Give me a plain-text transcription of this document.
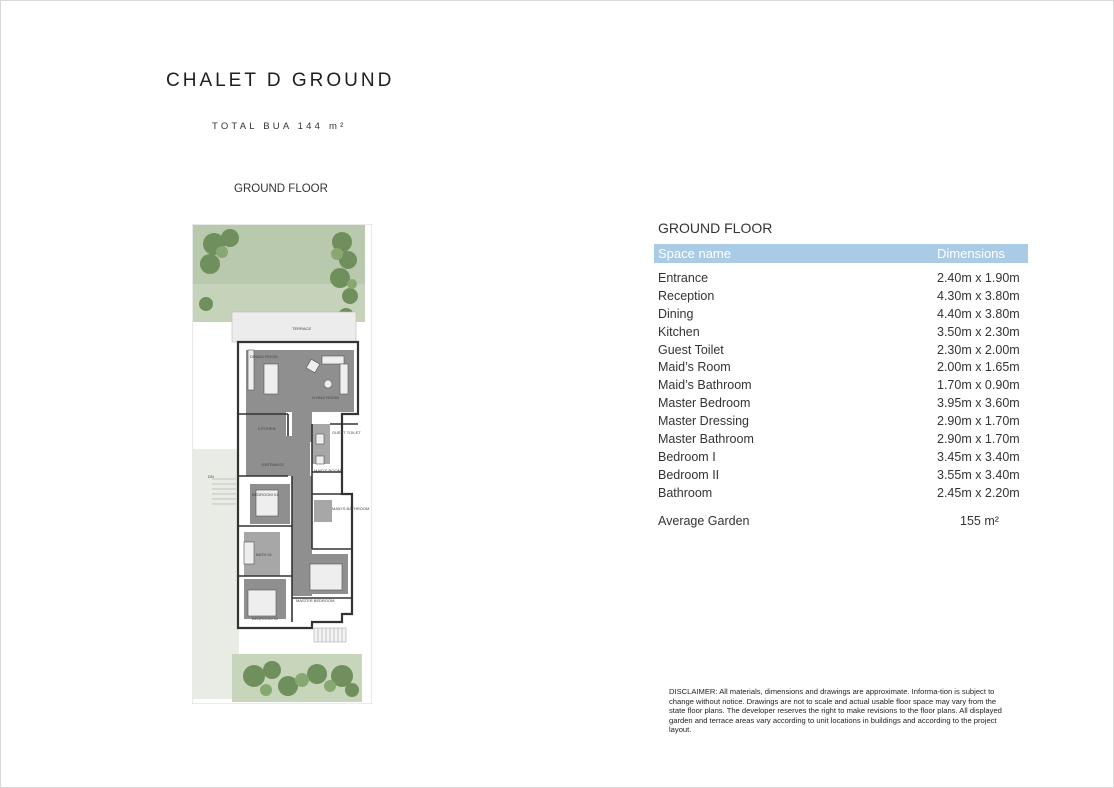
CHALET D GROUND
TOTAL BUA 144 m²
GROUND FLOOR
TERRACE
DN
DINING ROOM
LIVING ROOM
KITCHEN
GUEST TOILET
ENTRANCE
MAID'S ROOM
MAID'S BATHROOM
BEDROOM 01
BATH 01
MASTER BEDROOM
BEDROOM 02
GROUND FLOOR
Space name	Dimensions
Entrance	2.40m x 1.90m
Reception	4.30m x 3.80m
Dining	4.40m x 3.80m
Kitchen	3.50m x 2.30m
Guest Toilet	2.30m x 2.00m
Maid’s Room	2.00m x 1.65m
Maid’s Bathroom	1.70m x 0.90m
Master Bedroom	3.95m x 3.60m
Master Dressing	2.90m x 1.70m
Master Bathroom	2.90m x 1.70m
Bedroom I	3.45m x 3.40m
Bedroom II	3.55m x 3.40m
Bathroom	2.45m x 2.20m
Average Garden	155 m²
DISCLAIMER: All materials, dimensions and drawings are approximate. Informa-tion is subject to change without notice. Drawings are not to scale and actual usable floor space may vary from the state floor plans. The developer reserves the right to make revisions to the floor plans. All displayed garden and terrace areas vary according to unit locations in buildings and according to the project layout.
